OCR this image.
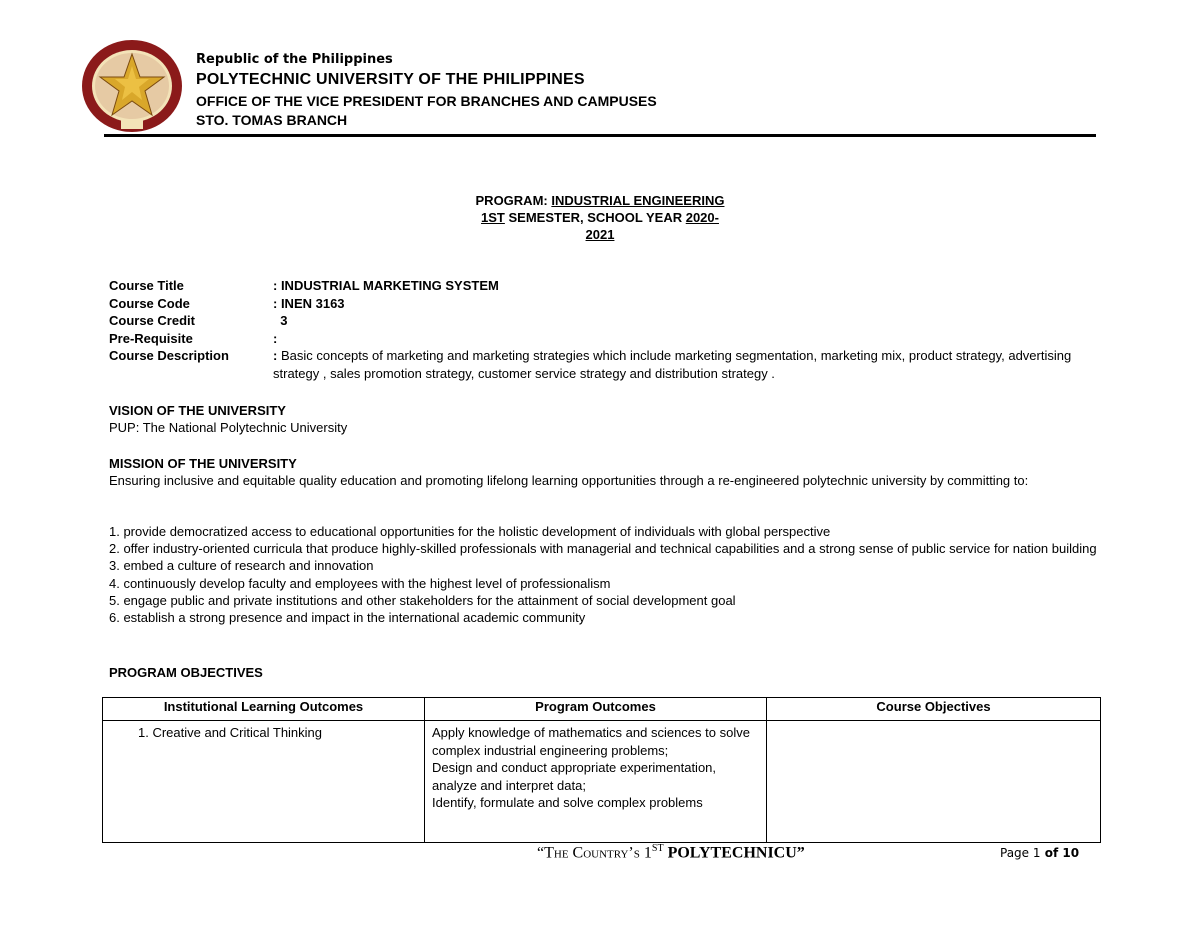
Republic of the Philippines
POLYTECHNIC UNIVERSITY OF THE PHILIPPINES
OFFICE OF THE VICE PRESIDENT FOR BRANCHES AND CAMPUSES
STO. TOMAS BRANCH
PROGRAM: INDUSTRIAL ENGINEERING
1ST SEMESTER, SCHOOL YEAR 2020-
2021
Course Title	: INDUSTRIAL MARKETING SYSTEM
Course Code	: INEN 3163
Course Credit	3
Pre-Requisite	:
Course Description	: Basic concepts of marketing and marketing strategies which include marketing segmentation, marketing mix, product strategy, advertising strategy , sales promotion strategy, customer service strategy and distribution strategy .
VISION OF THE UNIVERSITY
PUP: The National Polytechnic University
MISSION OF THE UNIVERSITY
Ensuring inclusive and equitable quality education and promoting lifelong learning opportunities through a re-engineered polytechnic university by committing to:
1. provide democratized access to educational opportunities for the holistic development of individuals with global perspective
2. offer industry-oriented curricula that produce highly-skilled professionals with managerial and technical capabilities and a strong sense of public service for nation building
3. embed a culture of research and innovation
4. continuously develop faculty and employees with the highest level of professionalism
5. engage public and private institutions and other stakeholders for the attainment of social development goal
6. establish a strong presence and impact in the international academic community
PROGRAM OBJECTIVES
Institutional Learning Outcomes	Program Outcomes	Course Objectives
1. Creative and Critical Thinking	Apply knowledge of mathematics and sciences to solve complex industrial engineering problems;
Design and conduct appropriate experimentation, analyze and interpret data;
Identify, formulate and solve complex problems	
“The Country’s 1ST POLYTECHNICU”	Page 1 of 10
